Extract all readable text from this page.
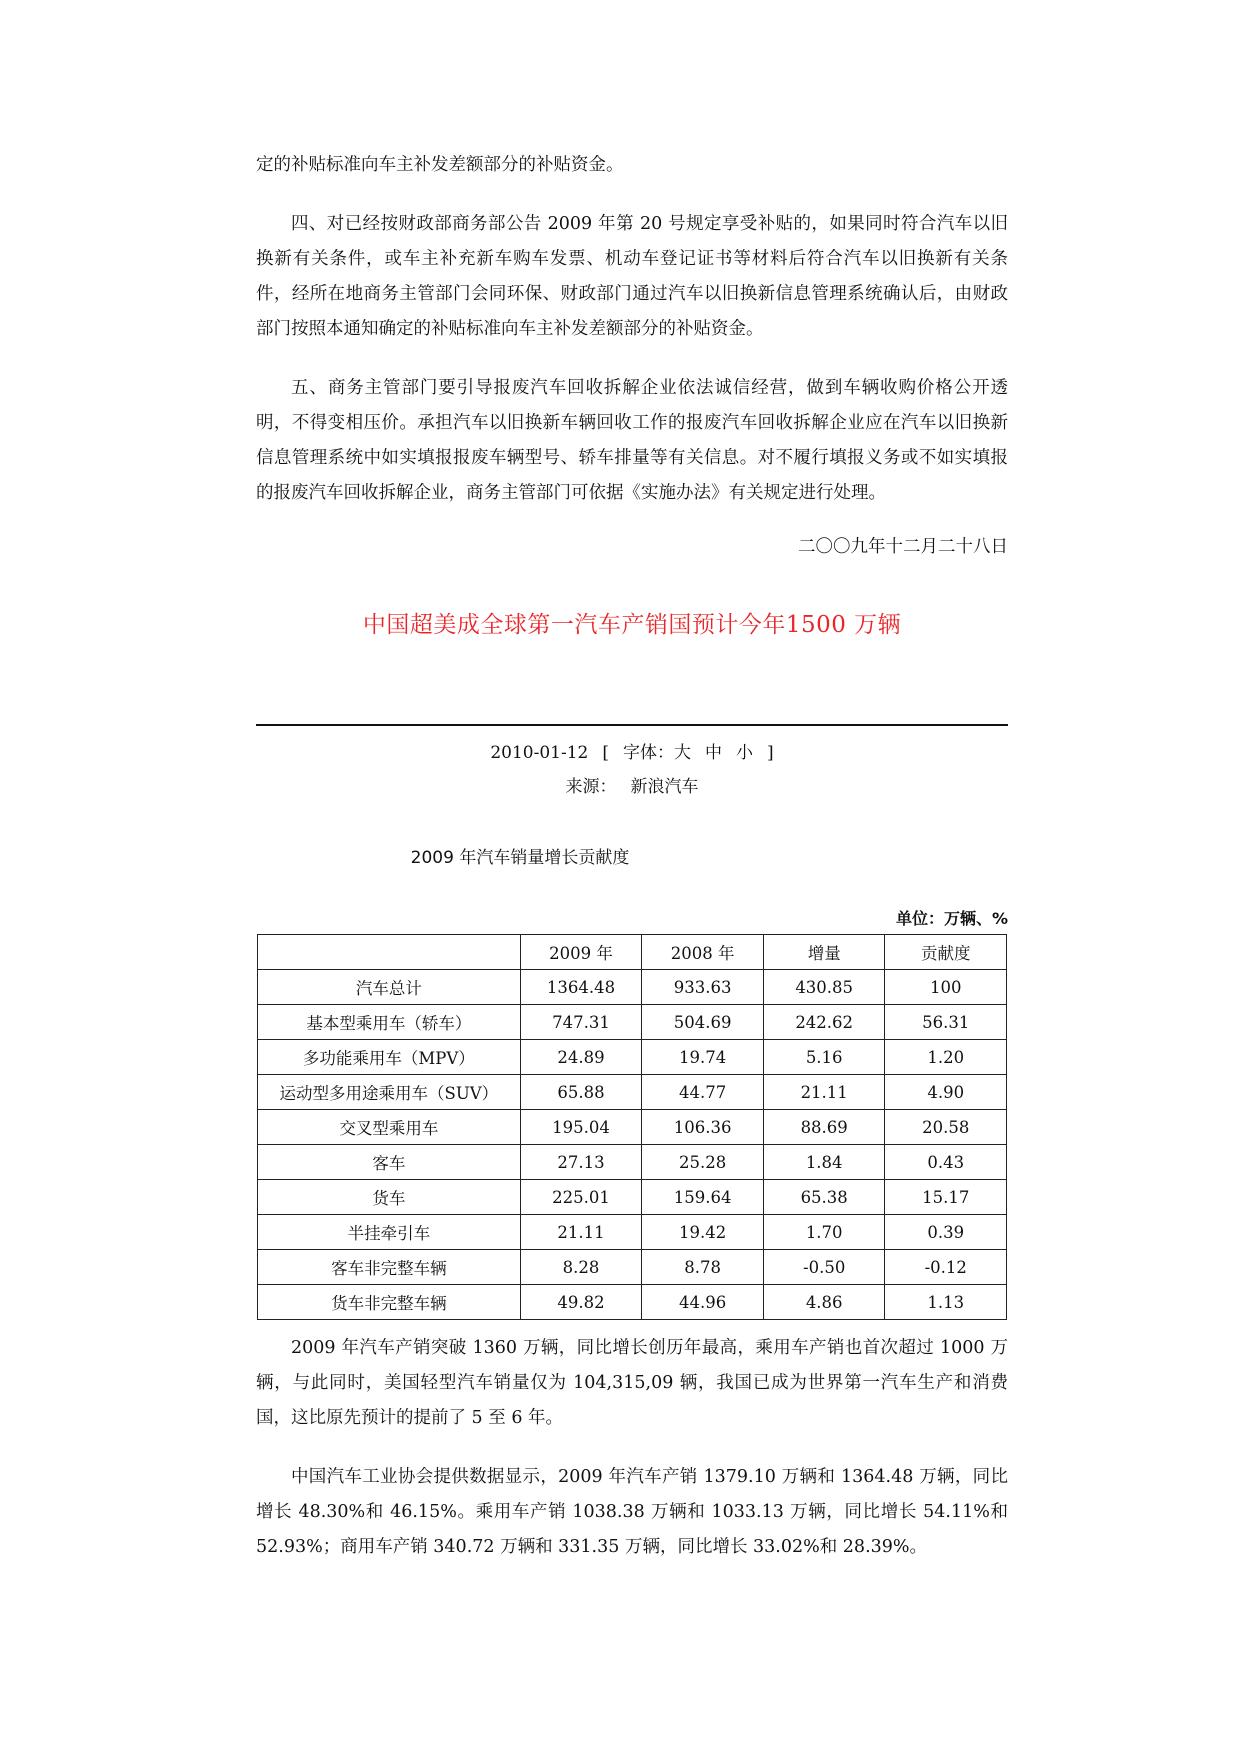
定的补贴标准向车主补发差额部分的补贴资金。

四、对已经按财政部商务部公告 2009 年第 20 号规定享受补贴的，如果同时符合汽车以旧换新有关条件，或车主补充新车购车发票、机动车登记证书等材料后符合汽车以旧换新有关条件，经所在地商务主管部门会同环保、财政部门通过汽车以旧换新信息管理系统确认后，由财政部门按照本通知确定的补贴标准向车主补发差额部分的补贴资金。

五、商务主管部门要引导报废汽车回收拆解企业依法诚信经营，做到车辆收购价格公开透明，不得变相压价。承担汽车以旧换新车辆回收工作的报废汽车回收拆解企业应在汽车以旧换新信息管理系统中如实填报报废车辆型号、轿车排量等有关信息。对不履行填报义务或不如实填报的报废汽车回收拆解企业，商务主管部门可依据《实施办法》有关规定进行处理。

二〇〇九年十二月二十八日
中国超美成全球第一汽车产销国预计今年1500 万辆
2010-01-12 [ 字体：大 中 小 ]
来源： 新浪汽车
2009 年汽车销量增长贡献度
单位：万辆、%
	2009 年	2008 年	增量	贡献度
汽车总计	1364.48	933.63	430.85	100
基本型乘用车（轿车）	747.31	504.69	242.62	56.31
多功能乘用车（MPV）	24.89	19.74	5.16	1.20
运动型多用途乘用车（SUV）	65.88	44.77	21.11	4.90
交叉型乘用车	195.04	106.36	88.69	20.58
客车	27.13	25.28	1.84	0.43
货车	225.01	159.64	65.38	15.17
半挂牵引车	21.11	19.42	1.70	0.39
客车非完整车辆	8.28	8.78	-0.50	-0.12
货车非完整车辆	49.82	44.96	4.86	1.13

2009 年汽车产销突破 1360 万辆，同比增长创历年最高，乘用车产销也首次超过 1000 万辆，与此同时，美国轻型汽车销量仅为 104,315,09 辆，我国已成为世界第一汽车生产和消费国，这比原先预计的提前了 5 至 6 年。

中国汽车工业协会提供数据显示，2009 年汽车产销 1379.10 万辆和 1364.48 万辆，同比增长 48.30%和 46.15%。乘用车产销 1038.38 万辆和 1033.13 万辆，同比增长 54.11%和 52.93%；商用车产销 340.72 万辆和 331.35 万辆，同比增长 33.02%和 28.39%。
